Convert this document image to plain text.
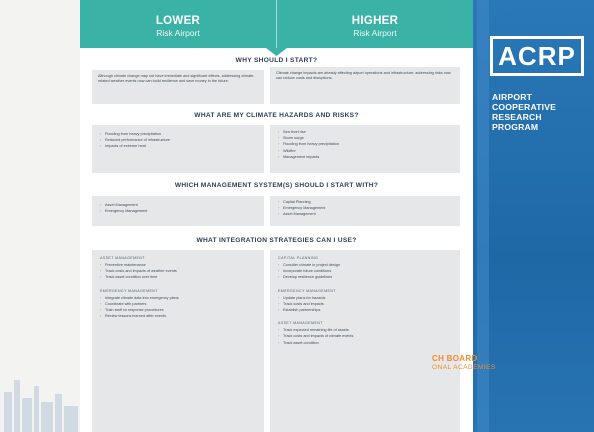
LOWER
Risk Airport
HIGHER
Risk Airport
WHY SHOULD I START?

Although climate change may not have immediate and significant effects, addressing climate-related weather events now can build resilience and save money in the future.

Climate change impacts are already affecting airport operations and infrastructure; addressing risks now can reduce costs and disruptions.

WHAT ARE MY CLIMATE HAZARDS AND RISKS?
› Flooding from heavy precipitation
› Reduced performance of infrastructure
› Impacts of extreme heat
› Sea level rise
› Storm surge
› Flooding from heavy precipitation
› Wildfire
› Management impacts
WHICH MANAGEMENT SYSTEM(S) SHOULD I START WITH?
› Asset Management
› Emergency Management
› Capital Planning
› Emergency Management
› Asset Management
WHAT INTEGRATION STRATEGIES CAN I USE?
ASSET MANAGEMENT
› Preventive maintenance
› Track costs and impacts of weather events
› Track asset condition over time
EMERGENCY MANAGEMENT
› Integrate climate data into emergency plans
› Coordinate with partners
› Train staff on response procedures
› Review lessons learned after events
CAPITAL PLANNING
› Consider climate in project design
› Incorporate future conditions
› Develop resilience guidelines
EMERGENCY MANAGEMENT
› Update plans for hazards
› Track costs and impacts
› Establish partnerships
ASSET MANAGEMENT
› Track expected remaining life of assets
› Track costs and impacts of climate events
› Track asset condition
ACRP
AIRPORT
COOPERATIVE
RESEARCH
PROGRAM
CH BOARD
ONAL ACADEMIES
